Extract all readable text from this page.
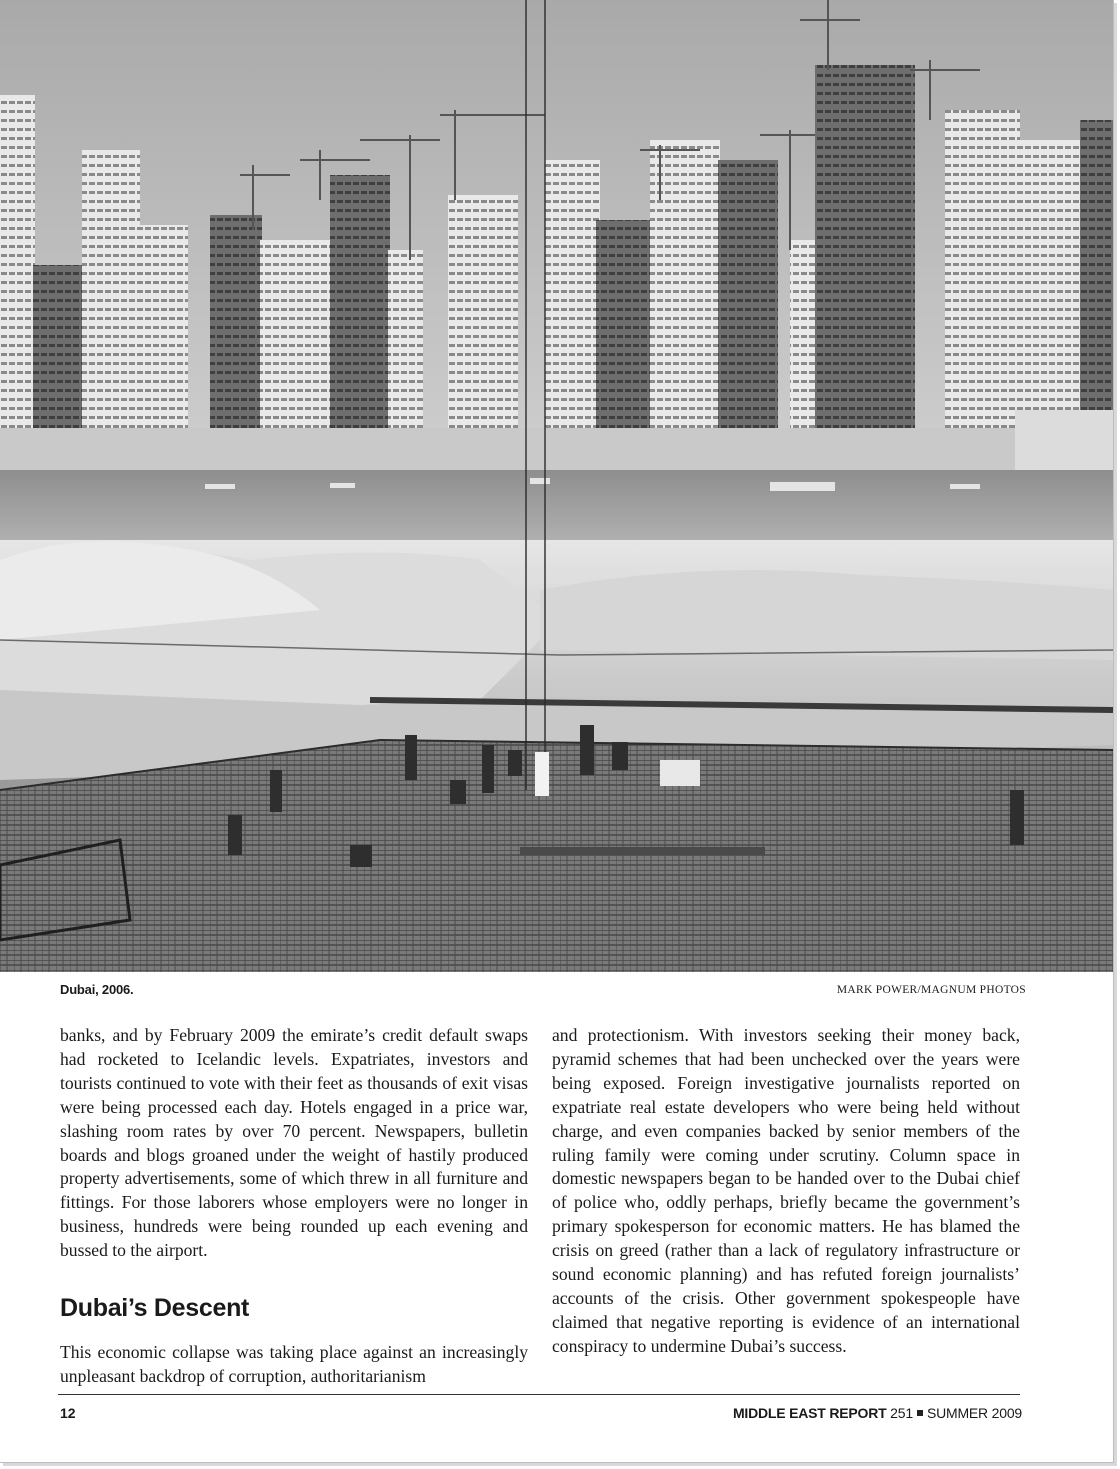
Dubai, 2006.	MARK POWER/MAGNUM PHOTOS

banks, and by February 2009 the emirate’s credit default swaps had rocketed to Icelandic levels. Expatriates, investors and tourists continued to vote with their feet as thousands of exit visas were being processed each day. Hotels engaged in a price war, slashing room rates by over 70 percent. Newspapers, bulletin boards and blogs groaned under the weight of hastily produced property advertisements, some of which threw in all furniture and fittings. For those laborers whose employers were no longer in business, hundreds were being rounded up each evening and bussed to the airport.

Dubai’s Descent

This economic collapse was taking place against an increasingly unpleasant backdrop of corruption, authoritarianism

and protectionism. With investors seeking their money back, pyramid schemes that had been unchecked over the years were being exposed. Foreign investigative journalists reported on expatriate real estate developers who were being held without charge, and even companies backed by senior members of the ruling family were coming under scrutiny. Column space in domestic newspapers began to be handed over to the Dubai chief of police who, oddly perhaps, briefly became the government’s primary spokesperson for economic matters. He has blamed the crisis on greed (rather than a lack of regulatory infrastructure or sound economic planning) and has refuted foreign journalists’ accounts of the crisis. Other government spokespeople have claimed that negative reporting is evidence of an international conspiracy to undermine Dubai’s success.

12	MIDDLE EAST REPORT 251 SUMMER 2009
